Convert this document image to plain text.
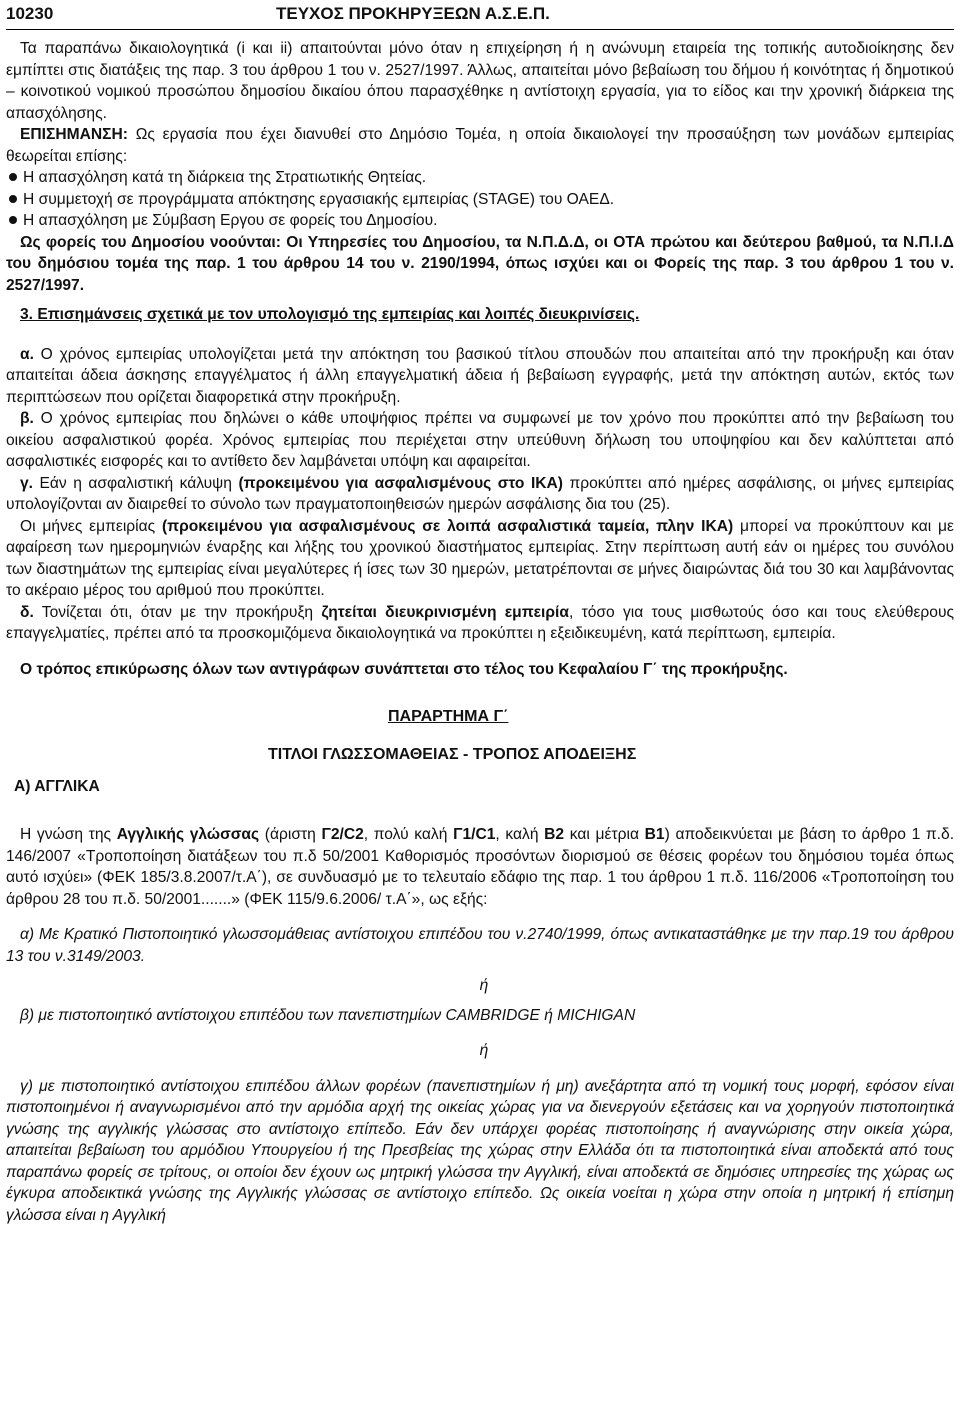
10230	ΤΕΥΧΟΣ ΠΡΟΚΗΡΥΞΕΩΝ Α.Σ.Ε.Π.

Τα παραπάνω δικαιολογητικά (i και ii) απαιτούνται μόνο όταν η επιχείρηση ή η ανώνυμη εταιρεία της τοπικής αυτοδιοίκησης δεν εμπίπτει στις διατάξεις της παρ. 3 του άρθρου 1 του ν. 2527/1997. Άλλως, απαιτείται μόνο βεβαίωση του δήμου ή κοινότητας ή δημοτικού – κοινοτικού νομικού προσώπου δημοσίου δικαίου όπου παρασχέθηκε η αντίστοιχη εργασία, για το είδος και την χρονική διάρκεια της απασχόλησης.

ΕΠΙΣΗΜΑΝΣΗ: Ως εργασία που έχει διανυθεί στο Δημόσιο Τομέα, η οποία δικαιολογεί την προσαύξηση των μονάδων εμπειρίας θεωρείται επίσης:

Η απασχόληση κατά τη διάρκεια της Στρατιωτικής Θητείας.

Η συμμετοχή σε προγράμματα απόκτησης εργασιακής εμπειρίας (STAGE) του ΟΑΕΔ.

Η απασχόληση με Σύμβαση Εργου σε φορείς του Δημοσίου.

Ως φορείς του Δημοσίου νοούνται: Οι Υπηρεσίες του Δημοσίου, τα Ν.Π.Δ.Δ, οι ΟΤΑ πρώτου και δεύτερου βαθμού, τα Ν.Π.Ι.Δ του δημόσιου τομέα της παρ. 1 του άρθρου 14 του ν. 2190/1994, όπως ισχύει και οι Φορείς της παρ. 3 του άρθρου 1 του ν. 2527/1997.

3. Επισημάνσεις σχετικά με τον υπολογισμό της εμπειρίας και λοιπές διευκρινίσεις.

α. Ο χρόνος εμπειρίας υπολογίζεται μετά την απόκτηση του βασικού τίτλου σπουδών που απαιτείται από την προκήρυξη και όταν απαιτείται άδεια άσκησης επαγγέλματος ή άλλη επαγγελματική άδεια ή βεβαίωση εγγραφής, μετά την απόκτηση αυτών, εκτός των περιπτώσεων που ορίζεται διαφορετικά στην προκήρυξη.

β. Ο χρόνος εμπειρίας που δηλώνει ο κάθε υποψήφιος πρέπει να συμφωνεί με τον χρόνο που προκύπτει από την βεβαίωση του οικείου ασφαλιστικού φορέα. Χρόνος εμπειρίας που περιέχεται στην υπεύθυνη δήλωση του υποψηφίου και δεν καλύπτεται από ασφαλιστικές εισφορές και το αντίθετο δεν λαμβάνεται υπόψη και αφαιρείται.

γ. Εάν η ασφαλιστική κάλυψη (προκειμένου για ασφαλισμένους στο ΙΚΑ) προκύπτει από ημέρες ασφάλισης, οι μήνες εμπειρίας υπολογίζονται αν διαιρεθεί το σύνολο των πραγματοποιηθεισών ημερών ασφάλισης δια του (25).

Οι μήνες εμπειρίας (προκειμένου για ασφαλισμένους σε λοιπά ασφαλιστικά ταμεία, πλην ΙΚΑ) μπορεί να προκύπτουν και με αφαίρεση των ημερομηνιών έναρξης και λήξης του χρονικού διαστήματος εμπειρίας. Στην περίπτωση αυτή εάν οι ημέρες του συνόλου των διαστημάτων της εμπειρίας είναι μεγαλύτερες ή ίσες των 30 ημερών, μετατρέπονται σε μήνες διαιρώντας διά του 30 και λαμβάνοντας το ακέραιο μέρος του αριθμού που προκύπτει.

δ. Τονίζεται ότι, όταν με την προκήρυξη ζητείται διευκρινισμένη εμπειρία, τόσο για τους μισθωτούς όσο και τους ελεύθερους επαγγελματίες, πρέπει από τα προσκομιζόμενα δικαιολογητικά να προκύπτει η εξειδικευμένη, κατά περίπτωση, εμπειρία.

Ο τρόπος επικύρωσης όλων των αντιγράφων συνάπτεται στο τέλος του Κεφαλαίου Γ΄ της προκήρυξης.

ΠΑΡΑΡΤΗΜΑ Γ΄
ΤΙΤΛΟΙ ΓΛΩΣΣΟΜΑΘΕΙΑΣ - ΤΡΟΠΟΣ ΑΠΟΔΕΙΞΗΣ
Α) ΑΓΓΛΙΚΑ

Η γνώση της Αγγλικής γλώσσας (άριστη Γ2/C2, πολύ καλή Γ1/C1, καλή Β2 και μέτρια Β1) αποδεικνύεται με βάση το άρθρο 1 π.δ. 146/2007 «Τροποποίηση διατάξεων του π.δ 50/2001 Καθορισμός προσόντων διορισμού σε θέσεις φορέων του δημόσιου τομέα όπως αυτό ισχύει» (ΦΕΚ 185/3.8.2007/τ.Α΄), σε συνδυασμό με το τελευταίο εδάφιο της παρ. 1 του άρθρου 1 π.δ. 116/2006 «Τροποποίηση του άρθρου 28 του π.δ. 50/2001.......» (ΦΕΚ 115/9.6.2006/ τ.Α΄», ως εξής:

α) Με Κρατικό Πιστοποιητικό γλωσσομάθειας αντίστοιχου επιπέδου του ν.2740/1999, όπως αντικαταστάθηκε με την παρ.19 του άρθρου 13 του ν.3149/2003.

ή

β) με πιστοποιητικό αντίστοιχου επιπέδου των πανεπιστημίων CAMBRIDGE ή MICHIGAN

ή

γ) με πιστοποιητικό αντίστοιχου επιπέδου άλλων φορέων (πανεπιστημίων ή μη) ανεξάρτητα από τη νομική τους μορφή, εφόσον είναι πιστοποιημένοι ή αναγνωρισμένοι από την αρμόδια αρχή της οικείας χώρας για να διενεργούν εξετάσεις και να χορηγούν πιστοποιητικά γνώσης της αγγλικής γλώσσας στο αντίστοιχο επίπεδο. Εάν δεν υπάρχει φορέας πιστοποίησης ή αναγνώρισης στην οικεία χώρα, απαιτείται βεβαίωση του αρμόδιου Υπουργείου ή της Πρεσβείας της χώρας στην Ελλάδα ότι τα πιστοποιητικά είναι αποδεκτά από τους παραπάνω φορείς σε τρίτους, οι οποίοι δεν έχουν ως μητρική γλώσσα την Αγγλική, είναι αποδεκτά σε δημόσιες υπηρεσίες της χώρας ως έγκυρα αποδεικτικά γνώσης της Αγγλικής γλώσσας σε αντίστοιχο επίπεδο. Ως οικεία νοείται η χώρα στην οποία η μητρική ή επίσημη γλώσσα είναι η Αγγλική
